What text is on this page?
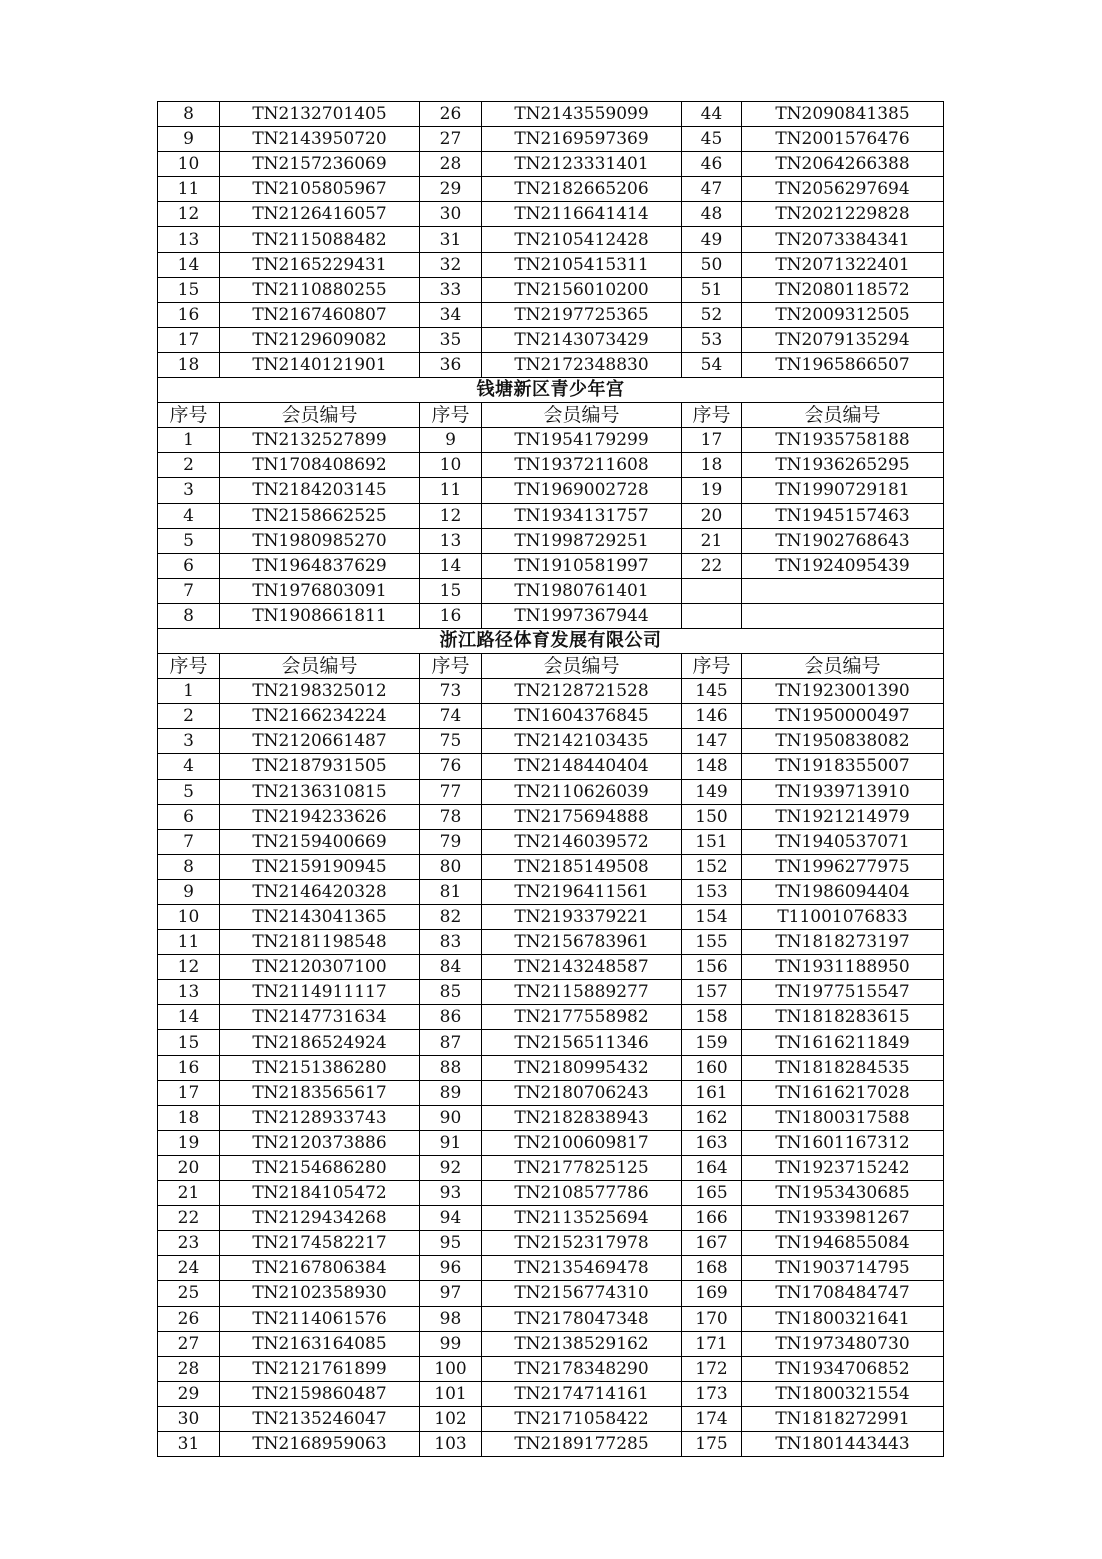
8	TN2132701405	26	TN2143559099	44	TN2090841385
9	TN2143950720	27	TN2169597369	45	TN2001576476
10	TN2157236069	28	TN2123331401	46	TN2064266388
11	TN2105805967	29	TN2182665206	47	TN2056297694
12	TN2126416057	30	TN2116641414	48	TN2021229828
13	TN2115088482	31	TN2105412428	49	TN2073384341
14	TN2165229431	32	TN2105415311	50	TN2071322401
15	TN2110880255	33	TN2156010200	51	TN2080118572
16	TN2167460807	34	TN2197725365	52	TN2009312505
17	TN2129609082	35	TN2143073429	53	TN2079135294
18	TN2140121901	36	TN2172348830	54	TN1965866507
钱塘新区青少年宫					
序号	会员编号	序号	会员编号	序号	会员编号
1	TN2132527899	9	TN1954179299	17	TN1935758188
2	TN1708408692	10	TN1937211608	18	TN1936265295
3	TN2184203145	11	TN1969002728	19	TN1990729181
4	TN2158662525	12	TN1934131757	20	TN1945157463
5	TN1980985270	13	TN1998729251	21	TN1902768643
6	TN1964837629	14	TN1910581997	22	TN1924095439
7	TN1976803091	15	TN1980761401		
8	TN1908661811	16	TN1997367944		
浙江路径体育发展有限公司					
序号	会员编号	序号	会员编号	序号	会员编号
1	TN2198325012	73	TN2128721528	145	TN1923001390
2	TN2166234224	74	TN1604376845	146	TN1950000497
3	TN2120661487	75	TN2142103435	147	TN1950838082
4	TN2187931505	76	TN2148440404	148	TN1918355007
5	TN2136310815	77	TN2110626039	149	TN1939713910
6	TN2194233626	78	TN2175694888	150	TN1921214979
7	TN2159400669	79	TN2146039572	151	TN1940537071
8	TN2159190945	80	TN2185149508	152	TN1996277975
9	TN2146420328	81	TN2196411561	153	TN1986094404
10	TN2143041365	82	TN2193379221	154	T11001076833
11	TN2181198548	83	TN2156783961	155	TN1818273197
12	TN2120307100	84	TN2143248587	156	TN1931188950
13	TN2114911117	85	TN2115889277	157	TN1977515547
14	TN2147731634	86	TN2177558982	158	TN1818283615
15	TN2186524924	87	TN2156511346	159	TN1616211849
16	TN2151386280	88	TN2180995432	160	TN1818284535
17	TN2183565617	89	TN2180706243	161	TN1616217028
18	TN2128933743	90	TN2182838943	162	TN1800317588
19	TN2120373886	91	TN2100609817	163	TN1601167312
20	TN2154686280	92	TN2177825125	164	TN1923715242
21	TN2184105472	93	TN2108577786	165	TN1953430685
22	TN2129434268	94	TN2113525694	166	TN1933981267
23	TN2174582217	95	TN2152317978	167	TN1946855084
24	TN2167806384	96	TN2135469478	168	TN1903714795
25	TN2102358930	97	TN2156774310	169	TN1708484747
26	TN2114061576	98	TN2178047348	170	TN1800321641
27	TN2163164085	99	TN2138529162	171	TN1973480730
28	TN2121761899	100	TN2178348290	172	TN1934706852
29	TN2159860487	101	TN2174714161	173	TN1800321554
30	TN2135246047	102	TN2171058422	174	TN1818272991
31	TN2168959063	103	TN2189177285	175	TN1801443443
